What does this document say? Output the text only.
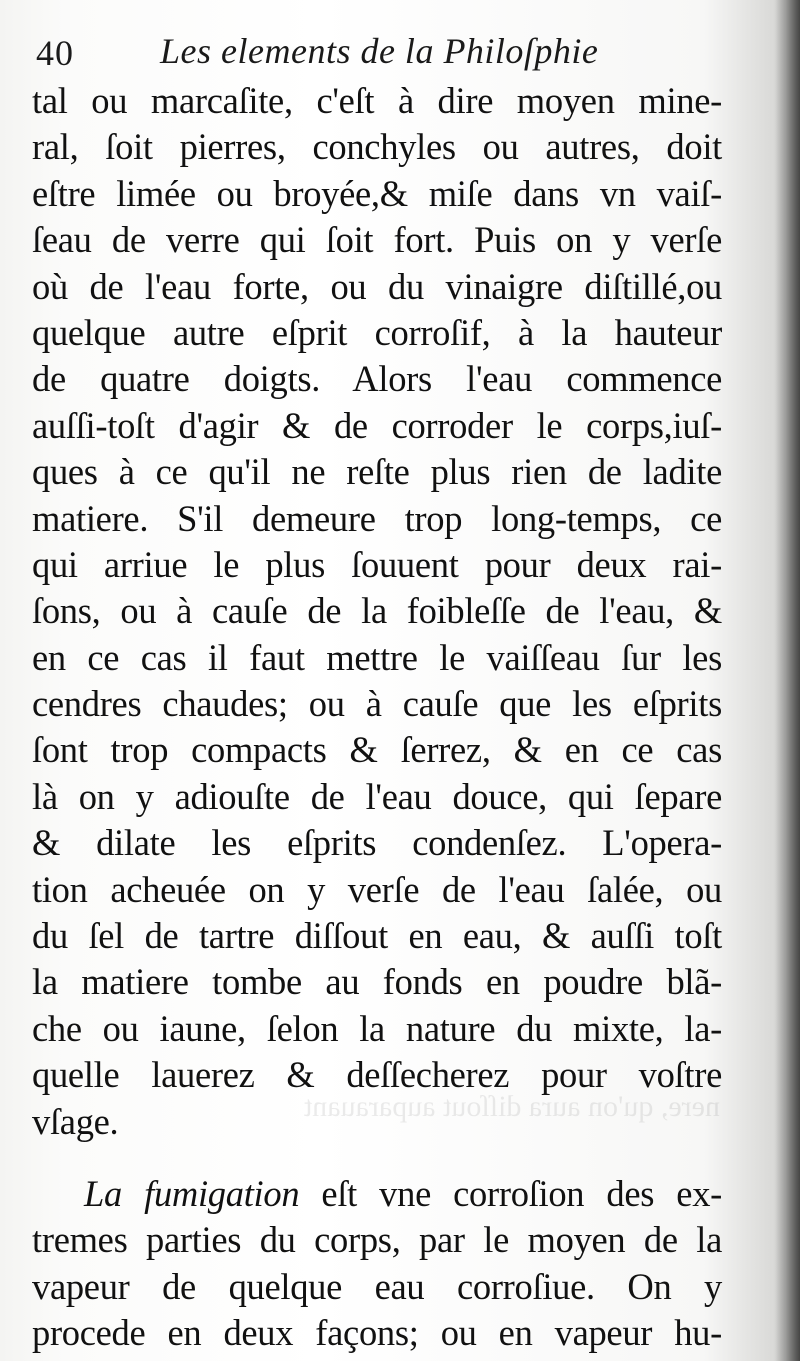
40 Les elements de la Philoſphie
nere, qu'on aura diſſout auparauant
tal ou marcaſite, c'eſt à dire moyen mine-
ral, ſoit pierres, conchyles ou autres, doit
eſtre limée ou broyée,& miſe dans vn vaiſ-
ſeau de verre qui ſoit fort. Puis on y verſe
où de l'eau forte, ou du vinaigre diſtillé,ou
quelque autre eſprit corroſif, à la hauteur
de quatre doigts. Alors l'eau commence
auſſi-toſt d'agir & de corroder le corps,iuſ-
ques à ce qu'il ne reſte plus rien de ladite
matiere. S'il demeure trop long-temps, ce
qui arriue le plus ſouuent pour deux rai-
ſons, ou à cauſe de la foibleſſe de l'eau, &
en ce cas il faut mettre le vaiſſeau ſur les
cendres chaudes; ou à cauſe que les eſprits
ſont trop compacts & ſerrez, & en ce cas
là on y adiouſte de l'eau douce, qui ſepare
& dilate les eſprits condenſez. L'opera-
tion acheuée on y verſe de l'eau ſalée, ou
du ſel de tartre diſſout en eau, & auſſi toſt
la matiere tombe au fonds en poudre blã-
che ou iaune, ſelon la nature du mixte, la-
quelle lauerez & deſſecherez pour voſtre
vſage.
La fumigation eſt vne corroſion des ex-
tremes parties du corps, par le moyen de la
vapeur de quelque eau corroſiue. On y
procede en deux façons; ou en vapeur hu-
